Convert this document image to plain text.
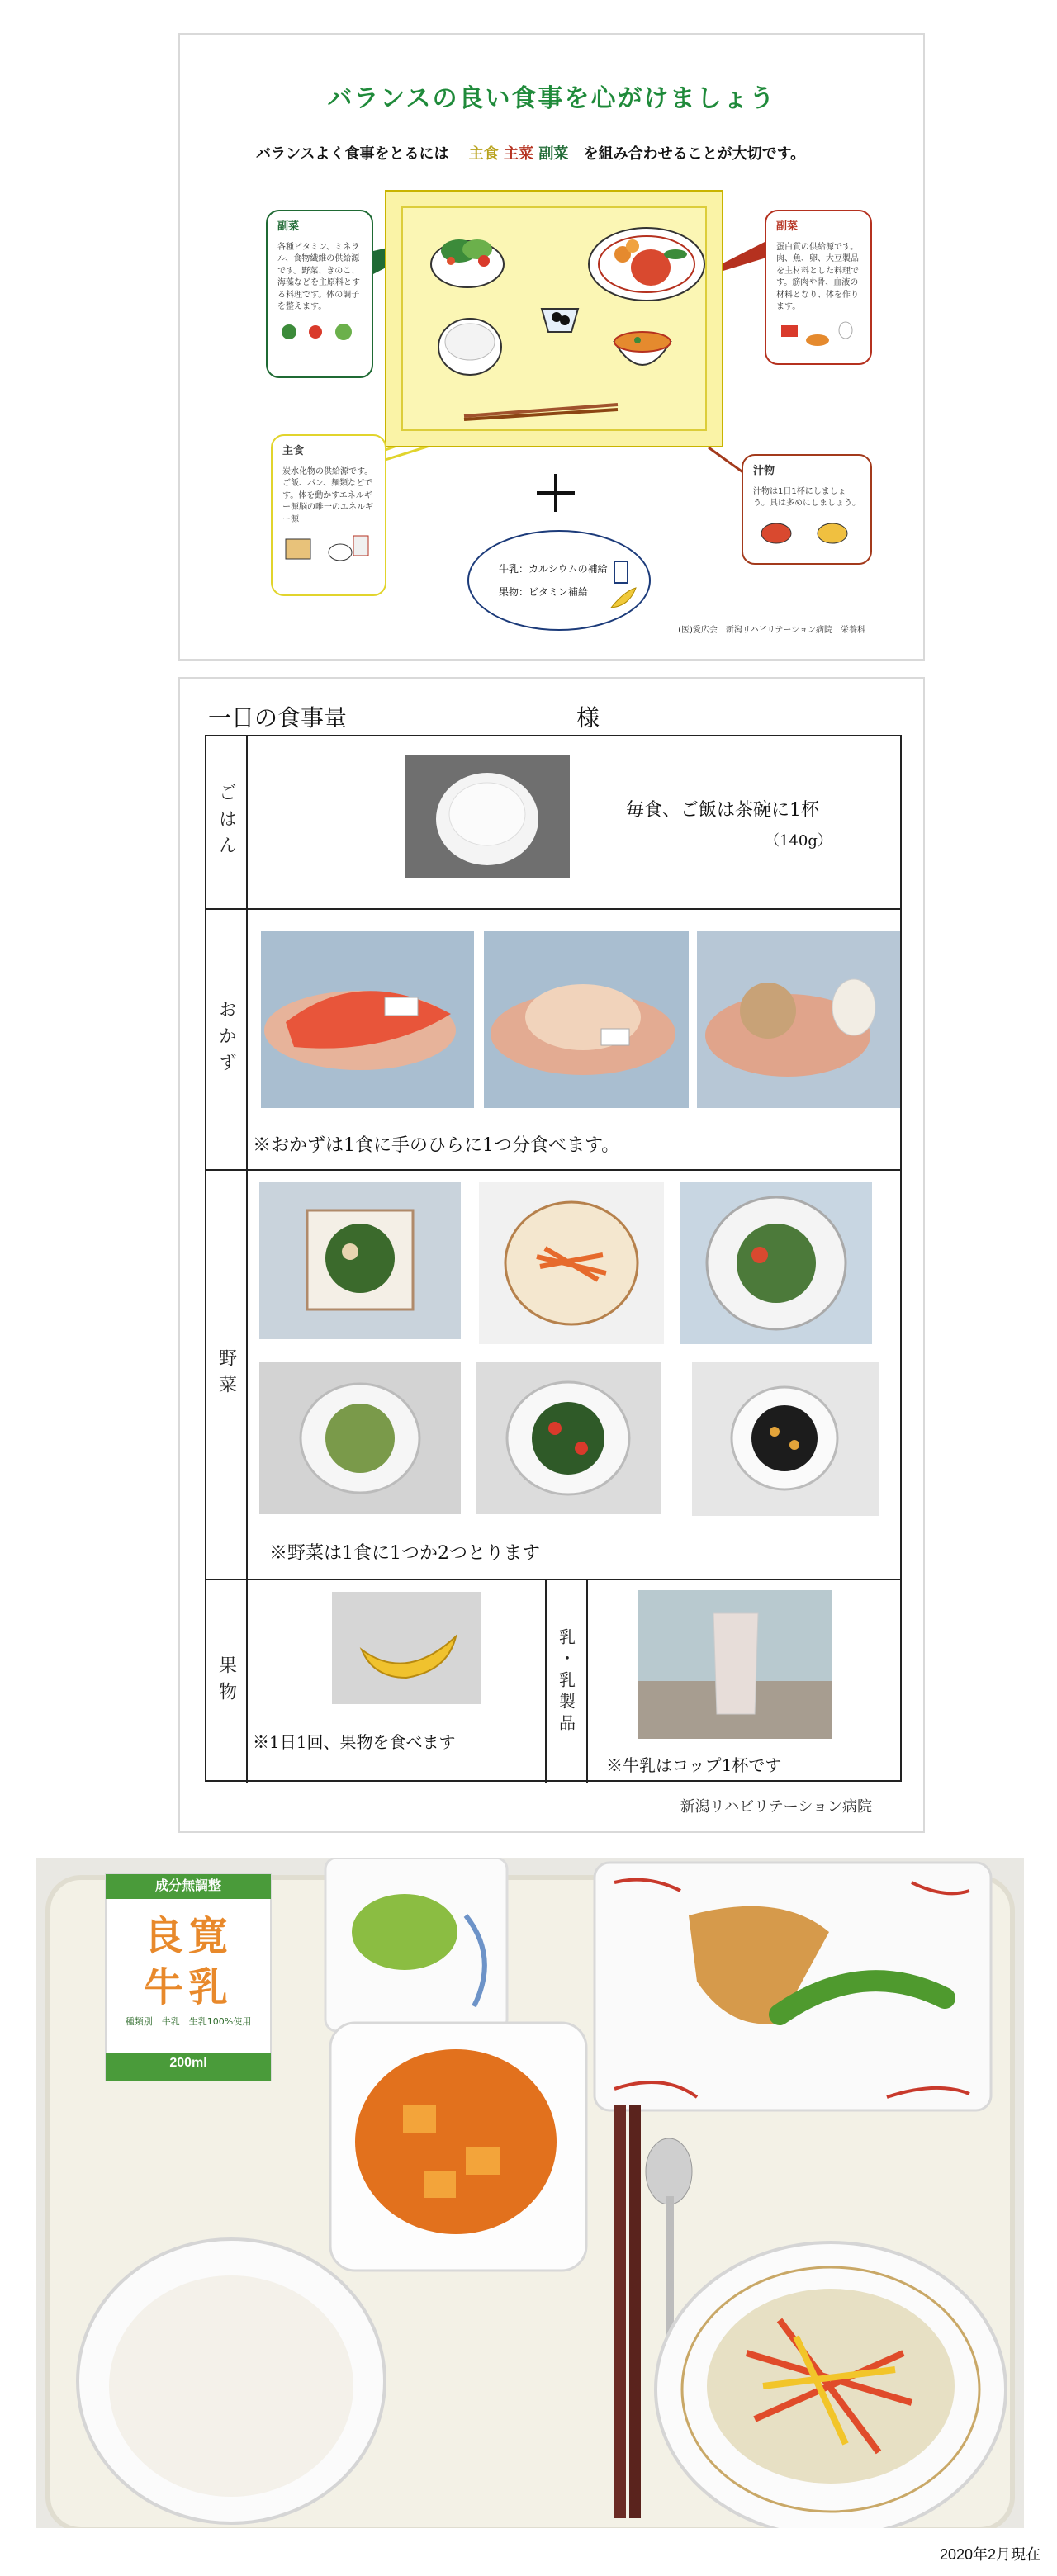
バランスの良い食事を心がけましょう
バランスよく食事をとるには 主食 主菜 副菜 を組み合わせることが大切です。
副菜
各種ビタミン、ミネラル、食物繊維の供給源です。野菜、きのこ、海藻などを主原料とする料理です。体の調子を整えます。
副菜
蛋白質の供給源です。肉、魚、卵、大豆製品を主材料とした料理です。筋肉や骨、血液の材料となり、体を作ります。
主食
炭水化物の供給源です。ご飯、パン、麺類などです。体を動かすエネルギー源脳の唯一のエネルギー源
汁物
汁物は1日1杯にしましょう。具は多めにしましょう。
牛乳：カルシウムの補給
果物：ビタミン補給
(医)愛広会　新潟リハビリテーション病院　栄養科
一日の食事量	様
ごはん	毎食、ご飯は茶碗に1杯
（140g）
おかず
※おかずは1食に手のひらに1つ分食べます。
野菜
※野菜は1食に1つか2つとります
果物
※1日1回、果物を食べます
乳・乳製品
※牛乳はコップ1杯です
新潟リハビリテーション病院
成分無調整
良寛
牛乳
種類別　牛乳　生乳100%使用
200ml
2020年2月現在
